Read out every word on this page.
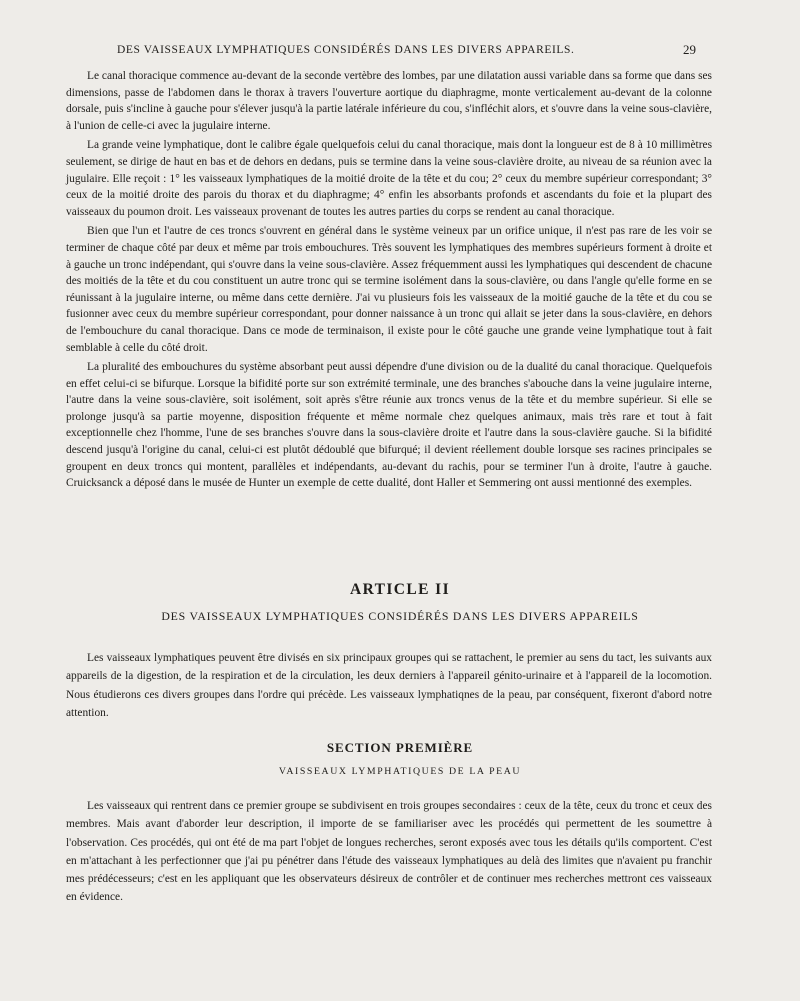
DES VAISSEAUX LYMPHATIQUES CONSIDÉRÉS DANS LES DIVERS APPAREILS.	29

Le canal thoracique commence au-devant de la seconde vertèbre des lombes, par une dilatation aussi variable dans sa forme que dans ses dimensions, passe de l'abdomen dans le thorax à travers l'ouverture aortique du diaphragme, monte verticalement au-devant de la colonne dorsale, puis s'incline à gauche pour s'élever jusqu'à la partie latérale inférieure du cou, s'infléchit alors, et s'ouvre dans la veine sous-clavière, à l'union de celle-ci avec la jugulaire interne.

La grande veine lymphatique, dont le calibre égale quelquefois celui du canal thoracique, mais dont la longueur est de 8 à 10 millimètres seulement, se dirige de haut en bas et de dehors en dedans, puis se termine dans la veine sous-clavière droite, au niveau de sa réunion avec la jugulaire. Elle reçoit : 1° les vaisseaux lymphatiques de la moitié droite de la tête et du cou; 2° ceux du membre supérieur correspondant; 3° ceux de la moitié droite des parois du thorax et du diaphragme; 4° enfin les absorbants profonds et ascendants du foie et la plupart des vaisseaux du poumon droit. Les vaisseaux provenant de toutes les autres parties du corps se rendent au canal thoracique.

Bien que l'un et l'autre de ces troncs s'ouvrent en général dans le système veineux par un orifice unique, il n'est pas rare de les voir se terminer de chaque côté par deux et même par trois embouchures. Très souvent les lymphatiques des membres supérieurs forment à droite et à gauche un tronc indépendant, qui s'ouvre dans la veine sous-clavière. Assez fréquemment aussi les lymphatiques qui descendent de chacune des moitiés de la tête et du cou constituent un autre tronc qui se termine isolément dans la sous-clavière, ou dans l'angle qu'elle forme en se réunissant à la jugulaire interne, ou même dans cette dernière. J'ai vu plusieurs fois les vaisseaux de la moitié gauche de la tête et du cou se fusionner avec ceux du membre supérieur correspondant, pour donner naissance à un tronc qui allait se jeter dans la sous-clavière, en dehors de l'embouchure du canal thoracique. Dans ce mode de terminaison, il existe pour le côté gauche une grande veine lymphatique tout à fait semblable à celle du côté droit.

La pluralité des embouchures du système absorbant peut aussi dépendre d'une division ou de la dualité du canal thoracique. Quelquefois en effet celui-ci se bifurque. Lorsque la bifidité porte sur son extrémité terminale, une des branches s'abouche dans la veine jugulaire interne, l'autre dans la veine sous-clavière, soit isolément, soit après s'être réunie aux troncs venus de la tête et du membre supérieur. Si elle se prolonge jusqu'à sa partie moyenne, disposition fréquente et même normale chez quelques animaux, mais très rare et tout à fait exceptionnelle chez l'homme, l'une de ses branches s'ouvre dans la sous-clavière droite et l'autre dans la sous-clavière gauche. Si la bifidité descend jusqu'à l'origine du canal, celui-ci est plutôt dédoublé que bifurqué; il devient réellement double lorsque ses racines principales se groupent en deux troncs qui montent, parallèles et indépendants, au-devant du rachis, pour se terminer l'un à droite, l'autre à gauche. Cruicksanck a déposé dans le musée de Hunter un exemple de cette dualité, dont Haller et Semmering ont aussi mentionné des exemples.

ARTICLE II
DES VAISSEAUX LYMPHATIQUES CONSIDÉRÉS DANS LES DIVERS APPAREILS

Les vaisseaux lymphatiques peuvent être divisés en six principaux groupes qui se rattachent, le premier au sens du tact, les suivants aux appareils de la digestion, de la respiration et de la circulation, les deux derniers à l'appareil génito-urinaire et à l'appareil de la locomotion. Nous étudierons ces divers groupes dans l'ordre qui précède. Les vaisseaux lymphatiqnes de la peau, par conséquent, fixeront d'abord notre attention.

SECTION PREMIÈRE
VAISSEAUX LYMPHATIQUES DE LA PEAU

Les vaisseaux qui rentrent dans ce premier groupe se subdivisent en trois groupes secondaires : ceux de la tête, ceux du tronc et ceux des membres. Mais avant d'aborder leur description, il importe de se familiariser avec les procédés qui permettent de les soumettre à l'observation. Ces procédés, qui ont été de ma part l'objet de longues recherches, seront exposés avec tous les détails qu'ils comportent. C'est en m'attachant à les perfectionner que j'ai pu pénétrer dans l'étude des vaisseaux lymphatiques au delà des limites que n'avaient pu franchir mes prédécesseurs; c'est en les appliquant que les observateurs désireux de contrôler et de continuer mes recherches mettront ces vaisseaux en évidence.
